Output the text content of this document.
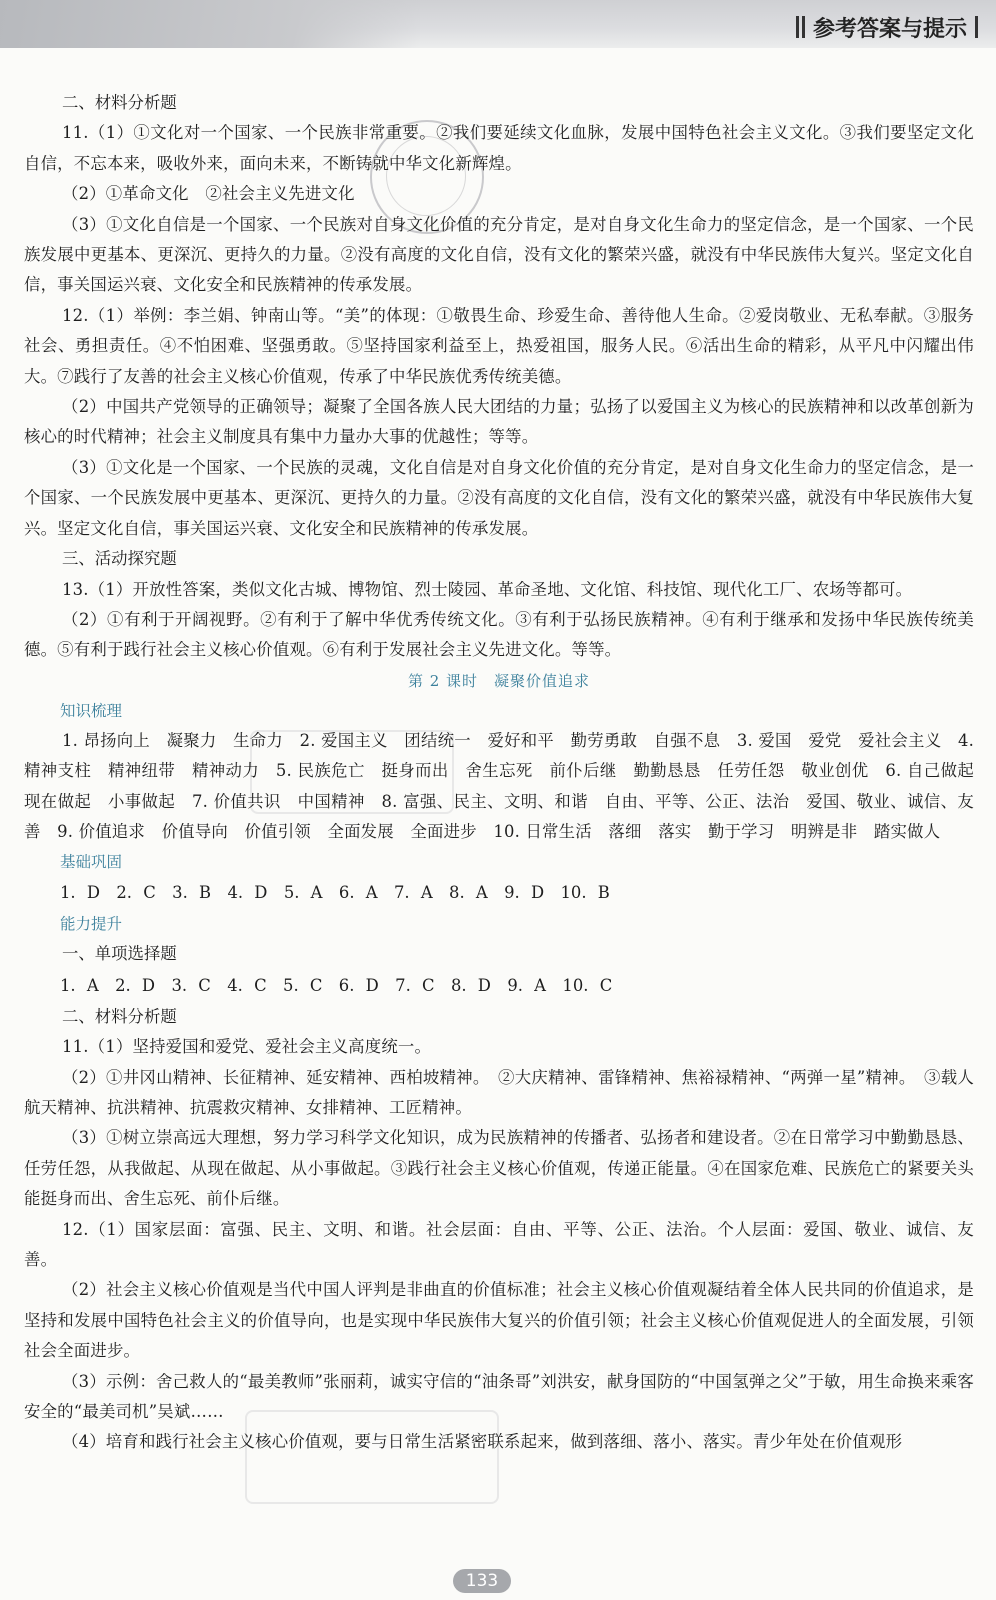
参考答案与提示
二、材料分析题

11.（1）①文化对一个国家、一个民族非常重要。②我们要延续文化血脉，发展中国特色社会主义文化。③我们要坚定文化自信，不忘本来，吸收外来，面向未来，不断铸就中华文化新辉煌。

（2）①革命文化　②社会主义先进文化

（3）①文化自信是一个国家、一个民族对自身文化价值的充分肯定，是对自身文化生命力的坚定信念，是一个国家、一个民族发展中更基本、更深沉、更持久的力量。②没有高度的文化自信，没有文化的繁荣兴盛，就没有中华民族伟大复兴。坚定文化自信，事关国运兴衰、文化安全和民族精神的传承发展。

12.（1）举例：李兰娟、钟南山等。“美”的体现：①敬畏生命、珍爱生命、善待他人生命。②爱岗敬业、无私奉献。③服务社会、勇担责任。④不怕困难、坚强勇敢。⑤坚持国家利益至上，热爱祖国，服务人民。⑥活出生命的精彩，从平凡中闪耀出伟大。⑦践行了友善的社会主义核心价值观，传承了中华民族优秀传统美德。

（2）中国共产党领导的正确领导；凝聚了全国各族人民大团结的力量；弘扬了以爱国主义为核心的民族精神和以改革创新为核心的时代精神；社会主义制度具有集中力量办大事的优越性；等等。

（3）①文化是一个国家、一个民族的灵魂，文化自信是对自身文化价值的充分肯定，是对自身文化生命力的坚定信念，是一个国家、一个民族发展中更基本、更深沉、更持久的力量。②没有高度的文化自信，没有文化的繁荣兴盛，就没有中华民族伟大复兴。坚定文化自信，事关国运兴衰、文化安全和民族精神的传承发展。

三、活动探究题

13.（1）开放性答案，类似文化古城、博物馆、烈士陵园、革命圣地、文化馆、科技馆、现代化工厂、农场等都可。

（2）①有利于开阔视野。②有利于了解中华优秀传统文化。③有利于弘扬民族精神。④有利于继承和发扬中华民族传统美德。⑤有利于践行社会主义核心价值观。⑥有利于发展社会主义先进文化。等等。

第 2 课时　凝聚价值追求
知识梳理

1. 昂扬向上　凝聚力　生命力　2. 爱国主义　团结统一　爱好和平　勤劳勇敢　自强不息　3. 爱国　爱党　爱社会主义　4. 精神支柱　精神纽带　精神动力　5. 民族危亡　挺身而出　舍生忘死　前仆后继　勤勤恳恳　任劳任怨　敬业创优　6. 自己做起　现在做起　小事做起　7. 价值共识　中国精神　8. 富强、民主、文明、和谐　自由、平等、公正、法治　爱国、敬业、诚信、友善　9. 价值追求　价值导向　价值引领　全面发展　全面进步　10. 日常生活　落细　落实　勤于学习　明辨是非　踏实做人

基础巩固
1. D　2. C　3. B　4. D　5. A　6. A　7. A　8. A　9. D　10. B
能力提升
一、单项选择题
1. A　2. D　3. C　4. C　5. C　6. D　7. C　8. D　9. A　10. C
二、材料分析题

11.（1）坚持爱国和爱党、爱社会主义高度统一。

（2）①井冈山精神、长征精神、延安精神、西柏坡精神。　②大庆精神、雷锋精神、焦裕禄精神、“两弹一星”精神。　③载人航天精神、抗洪精神、抗震救灾精神、女排精神、工匠精神。

（3）①树立崇高远大理想，努力学习科学文化知识，成为民族精神的传播者、弘扬者和建设者。②在日常学习中勤勤恳恳、任劳任怨，从我做起、从现在做起、从小事做起。③践行社会主义核心价值观，传递正能量。④在国家危难、民族危亡的紧要关头能挺身而出、舍生忘死、前仆后继。

12.（1）国家层面：富强、民主、文明、和谐。社会层面：自由、平等、公正、法治。个人层面：爱国、敬业、诚信、友善。

（2）社会主义核心价值观是当代中国人评判是非曲直的价值标准；社会主义核心价值观凝结着全体人民共同的价值追求，是坚持和发展中国特色社会主义的价值导向，也是实现中华民族伟大复兴的价值引领；社会主义核心价值观促进人的全面发展，引领社会全面进步。

（3）示例：舍己救人的“最美教师”张丽莉，诚实守信的“油条哥”刘洪安，献身国防的“中国氢弹之父”于敏，用生命换来乘客安全的“最美司机”吴斌……

（4）培育和践行社会主义核心价值观，要与日常生活紧密联系起来，做到落细、落小、落实。青少年处在价值观形

133
